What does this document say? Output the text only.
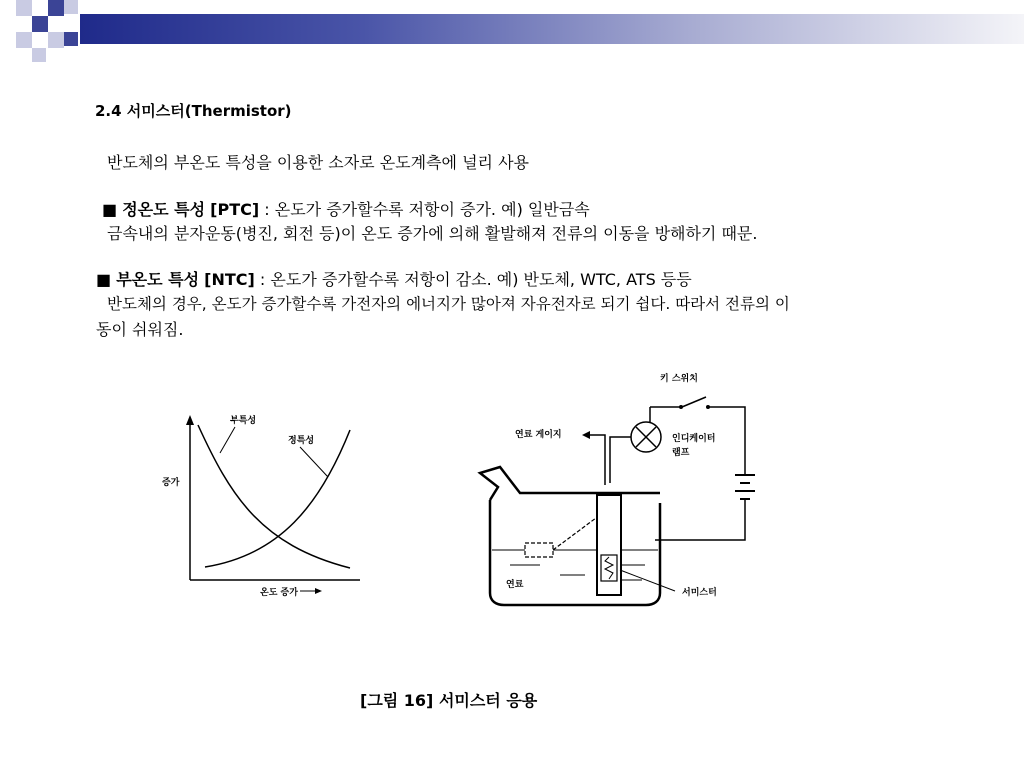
2.4 서미스터(Thermistor)
반도체의 부온도 특성을 이용한 소자로 온도계측에 널리 사용
■ 정온도 특성 [PTC] : 온도가 증가할수록 저항이 증가. 예) 일반금속
금속내의 분자운동(병진, 회전 등)이 온도 증가에 의해 활발해져 전류의 이동을 방해하기 때문.
■ 부온도 특성 [NTC] : 온도가 증가할수록 저항이 감소. 예) 반도체, WTC, ATS 등등
반도체의 경우, 온도가 증가할수록 가전자의 에너지가 많아져 자유전자로 되기 쉽다. 따라서 전류의 이
동이 쉬워짐.
증가
온도 증가
부특성
정특성
키 스위치
연료 게이지	인디케이터
램프
연료
서미스터
[그림 16] 서미스터 응용
